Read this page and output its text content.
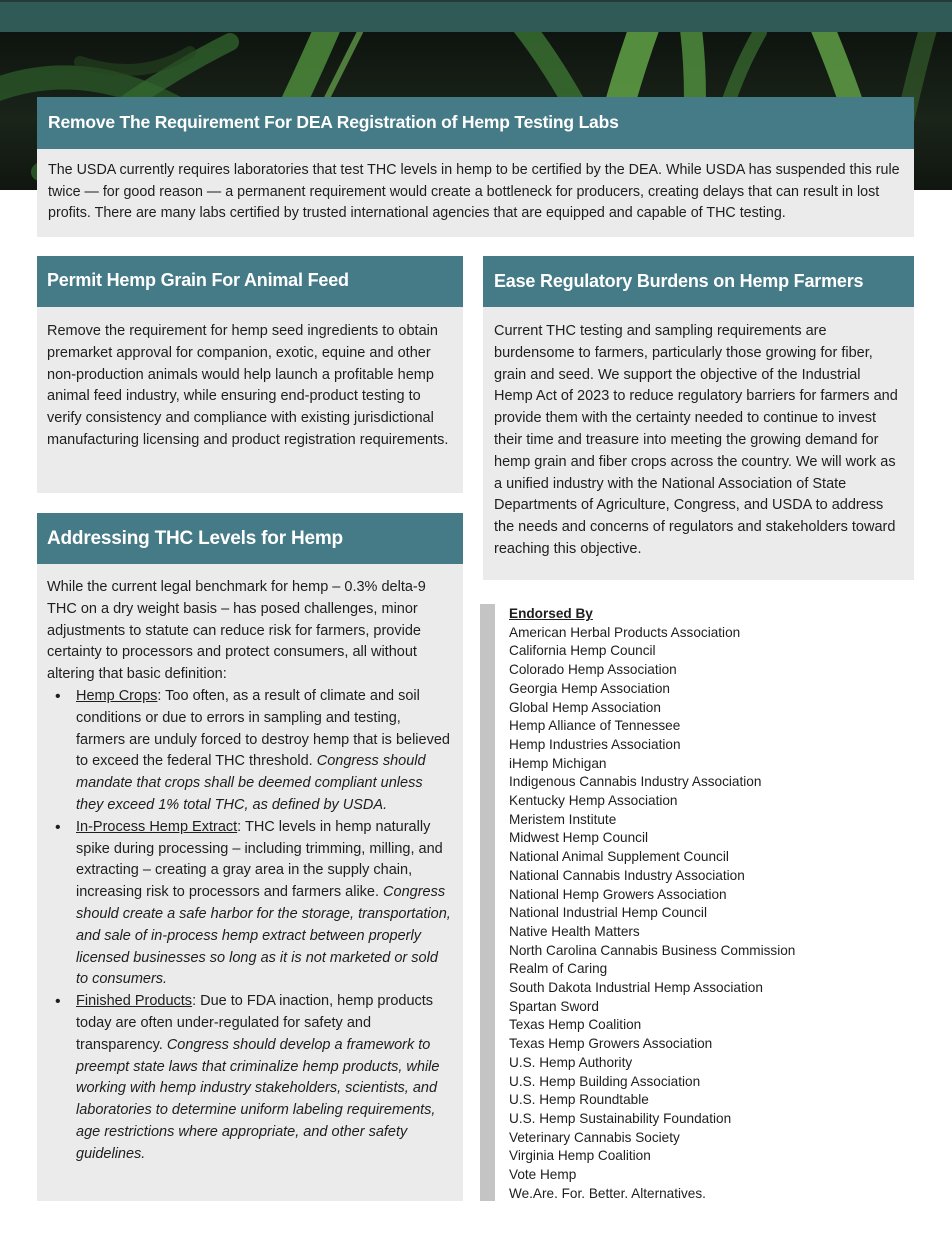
Remove The Requirement For DEA Registration of Hemp Testing Labs
The USDA currently requires laboratories that test THC levels in hemp to be certified by the DEA. While USDA has suspended this rule twice — for good reason — a permanent requirement would create a bottleneck for producers, creating delays that can result in lost profits. There are many labs certified by trusted international agencies that are equipped and capable of THC testing.
Permit Hemp Grain For Animal Feed
Remove the requirement for hemp seed ingredients to obtain premarket approval for companion, exotic, equine and other non-production animals would help launch a profitable hemp animal feed industry, while ensuring end-product testing to verify consistency and compliance with existing jurisdictional manufacturing licensing and product registration requirements.
Ease Regulatory Burdens on Hemp Farmers
Current THC testing and sampling requirements are burdensome to farmers, particularly those growing for fiber, grain and seed. We support the objective of the Industrial Hemp Act of 2023 to reduce regulatory barriers for farmers and provide them with the certainty needed to continue to invest their time and treasure into meeting the growing demand for hemp grain and fiber crops across the country. We will work as a unified industry with the National Association of State Departments of Agriculture, Congress, and USDA to address the needs and concerns of regulators and stakeholders toward reaching this objective.
Addressing THC Levels for Hemp
While the current legal benchmark for hemp – 0.3% delta-9 THC on a dry weight basis – has posed challenges, minor adjustments to statute can reduce risk for farmers, provide certainty to processors and protect consumers, all without altering that basic definition:
• Hemp Crops: Too often, as a result of climate and soil conditions or due to errors in sampling and testing, farmers are unduly forced to destroy hemp that is believed to exceed the federal THC threshold. Congress should mandate that crops shall be deemed compliant unless they exceed 1% total THC, as defined by USDA.
• In-Process Hemp Extract: THC levels in hemp naturally spike during processing – including trimming, milling, and extracting – creating a gray area in the supply chain, increasing risk to processors and farmers alike. Congress should create a safe harbor for the storage, transportation, and sale of in-process hemp extract between properly licensed businesses so long as it is not marketed or sold to consumers.
• Finished Products: Due to FDA inaction, hemp products today are often under-regulated for safety and transparency. Congress should develop a framework to preempt state laws that criminalize hemp products, while working with hemp industry stakeholders, scientists, and laboratories to determine uniform labeling requirements, age restrictions where appropriate, and other safety guidelines.
Endorsed By
American Herbal Products Association
California Hemp Council
Colorado Hemp Association
Georgia Hemp Association
Global Hemp Association
Hemp Alliance of Tennessee
Hemp Industries Association
iHemp Michigan
Indigenous Cannabis Industry Association
Kentucky Hemp Association
Meristem Institute
Midwest Hemp Council
National Animal Supplement Council
National Cannabis Industry Association
National Hemp Growers Association
National Industrial Hemp Council
Native Health Matters
North Carolina Cannabis Business Commission
Realm of Caring
South Dakota Industrial Hemp Association
Spartan Sword
Texas Hemp Coalition
Texas Hemp Growers Association
U.S. Hemp Authority
U.S. Hemp Building Association
U.S. Hemp Roundtable
U.S. Hemp Sustainability Foundation
Veterinary Cannabis Society
Virginia Hemp Coalition
Vote Hemp
We.Are. For. Better. Alternatives.
